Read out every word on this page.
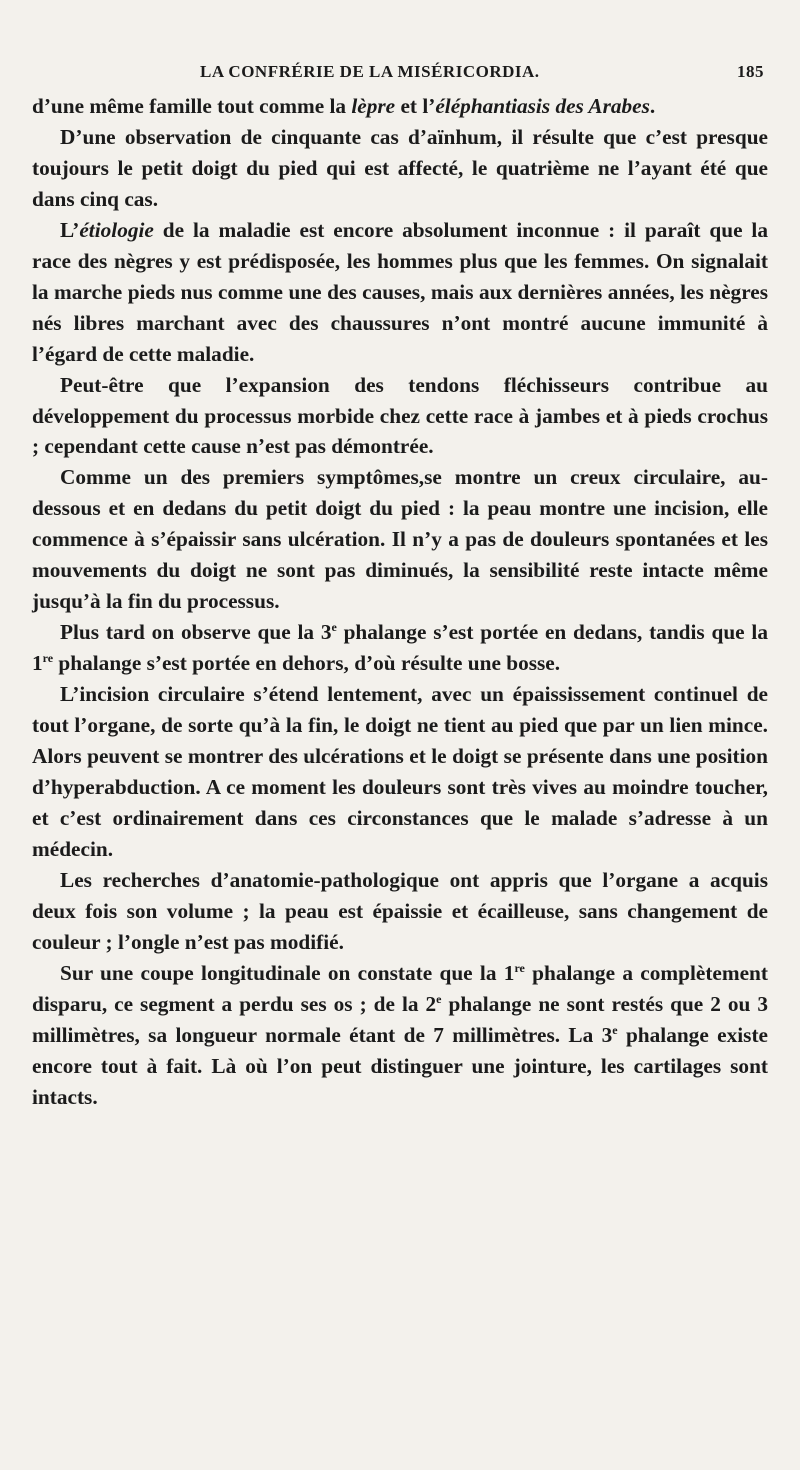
LA CONFRÉRIE DE LA MISÉRICORDIA.	185

d’une même famille tout comme la lèpre et l’éléphantiasis des Arabes.

D’une observation de cinquante cas d’aïnhum, il résulte que c’est presque toujours le petit doigt du pied qui est affecté, le quatrième ne l’ayant été que dans cinq cas.

L’étiologie de la maladie est encore absolument inconnue : il paraît que la race des nègres y est prédisposée, les hommes plus que les femmes. On signalait la marche pieds nus comme une des causes, mais aux dernières années, les nègres nés libres marchant avec des chaussures n’ont montré aucune immunité à l’égard de cette maladie.

Peut-être que l’expansion des tendons fléchisseurs contribue au développement du processus morbide chez cette race à jambes et à pieds crochus ; cependant cette cause n’est pas démontrée.

Comme un des premiers symptômes,se montre un creux circulaire, au-dessous et en dedans du petit doigt du pied : la peau montre une incision, elle commence à s’épaissir sans ulcération. Il n’y a pas de douleurs spontanées et les mouvements du doigt ne sont pas diminués, la sensibilité reste intacte même jusqu’à la fin du processus.

Plus tard on observe que la 3e phalange s’est portée en dedans, tandis que la 1re phalange s’est portée en dehors, d’où résulte une bosse.

L’incision circulaire s’étend lentement, avec un épaississement continuel de tout l’organe, de sorte qu’à la fin, le doigt ne tient au pied que par un lien mince. Alors peuvent se montrer des ulcérations et le doigt se présente dans une position d’hyperabduction. A ce moment les douleurs sont très vives au moindre toucher, et c’est ordinairement dans ces circonstances que le malade s’adresse à un médecin.

Les recherches d’anatomie-pathologique ont appris que l’organe a acquis deux fois son volume ; la peau est épaissie et écailleuse, sans changement de couleur ; l’ongle n’est pas modifié.

Sur une coupe longitudinale on constate que la 1re phalange a complètement disparu, ce segment a perdu ses os ; de la 2e phalange ne sont restés que 2 ou 3 millimètres, sa longueur normale étant de 7 millimètres. La 3e phalange existe encore tout à fait. Là où l’on peut distinguer une jointure, les cartilages sont intacts.
